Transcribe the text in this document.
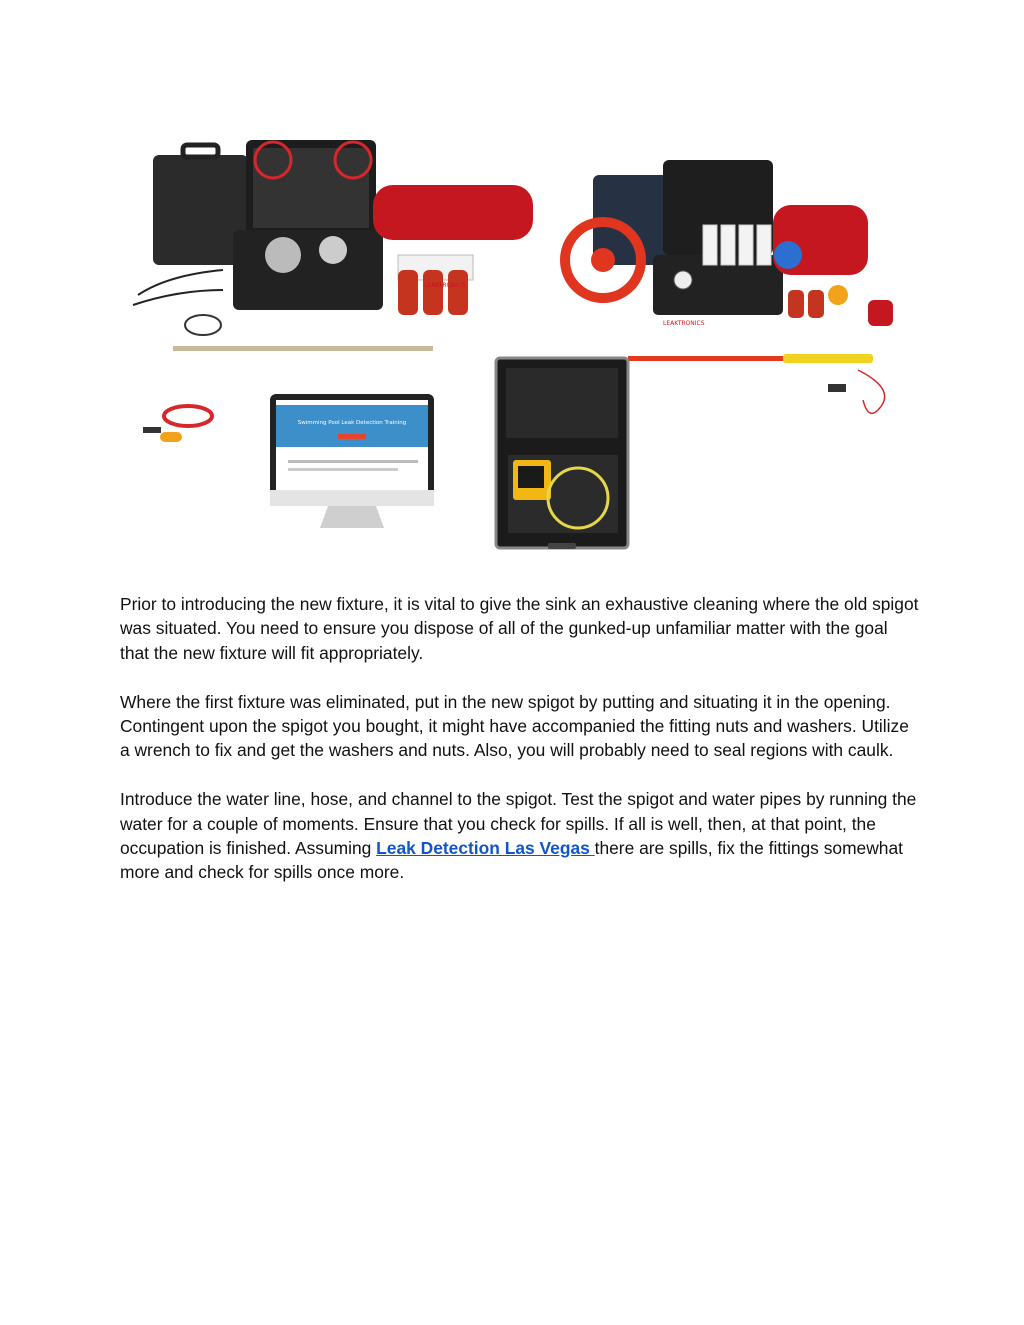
LEAKTRONICS
LEAKTRONICS
Swimming Pool Leak Detection Training

Prior to introducing the new fixture, it is vital to give the sink an exhaustive cleaning where the old spigot was situated. You need to ensure you dispose of all of the gunked-up unfamiliar matter with the goal that the new fixture will fit appropriately.

Where the first fixture was eliminated, put in the new spigot by putting and situating it in the opening. Contingent upon the spigot you bought, it might have accompanied the fitting nuts and washers. Utilize a wrench to fix and get the washers and nuts. Also, you will probably need to seal regions with caulk.

Introduce the water line, hose, and channel to the spigot. Test the spigot and water pipes by running the water for a couple of moments. Ensure that you check for spills. If all is well, then, at that point, the occupation is finished. Assuming Leak Detection Las Vegas there are spills, fix the fittings somewhat more and check for spills once more.
